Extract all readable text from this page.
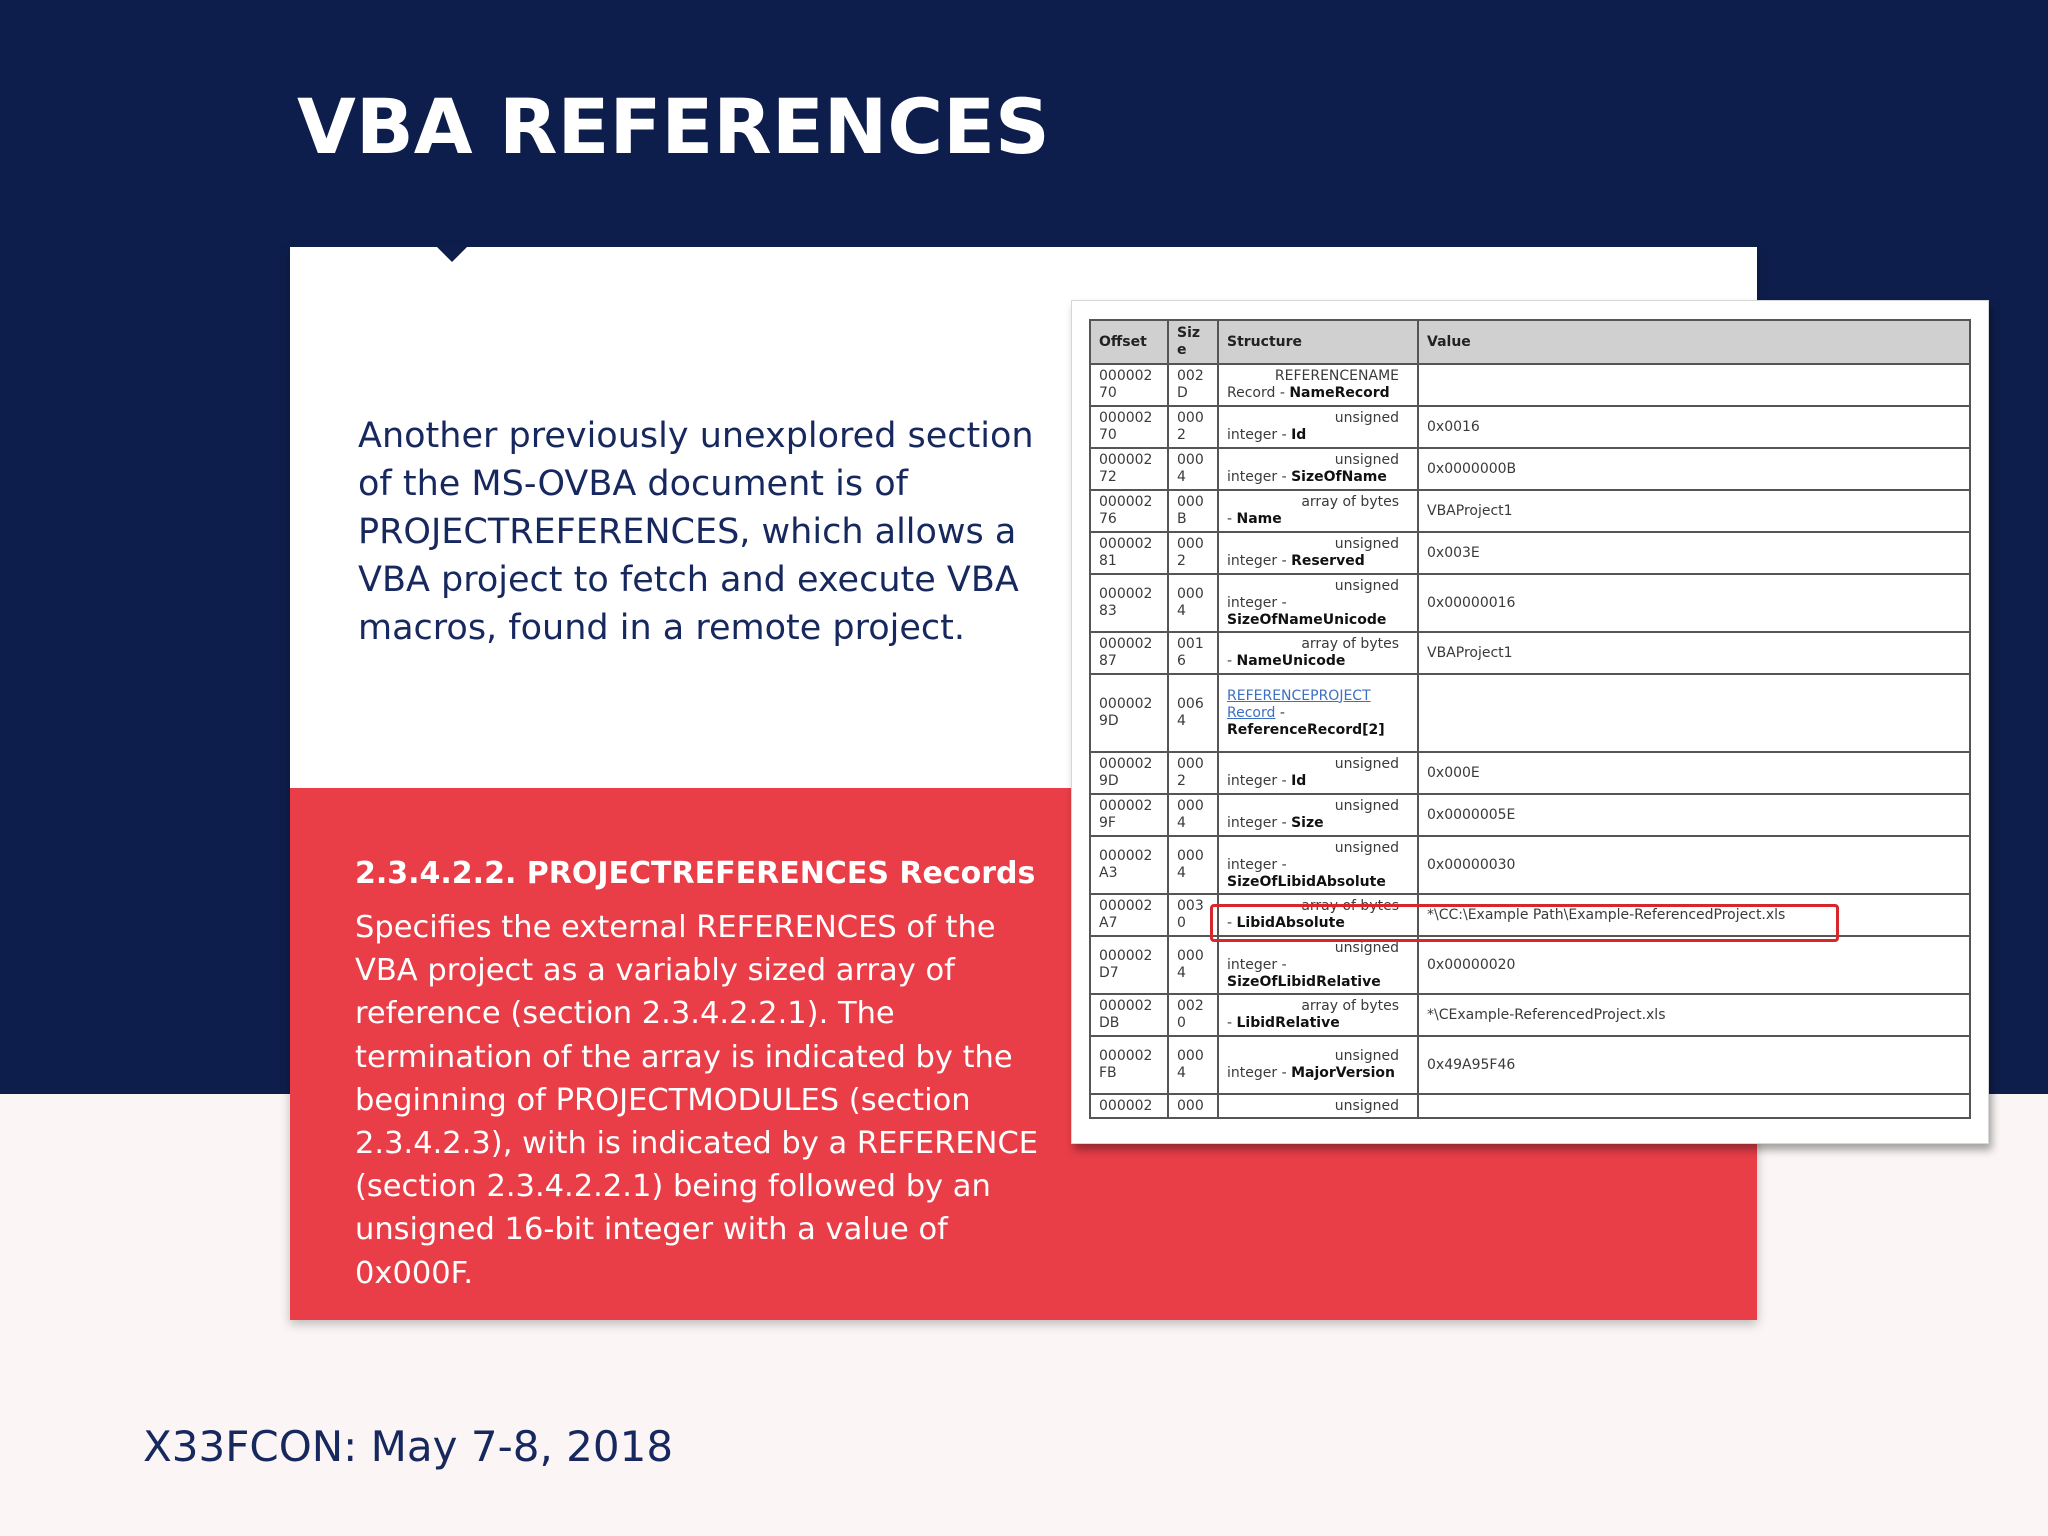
VBA REFERENCES

Another previously unexplored section of the MS-OVBA document is of PROJECTREFERENCES, which allows a VBA project to fetch and execute VBA macros, found in a remote project.

2.3.4.2.2. PROJECTREFERENCES Records

Specifies the external REFERENCES of the VBA project as a variably sized array of reference (section 2.3.4.2.2.1). The termination of the array is indicated by the beginning of PROJECTMODULES (section 2.3.4.2.3), with is indicated by a REFERENCE (section 2.3.4.2.2.1) being followed by an unsigned 16-bit integer with a value of 0x000F.

Offset	Siz e	Structure	Value
000002 70	002 D	REFERENCENAME
Record - NameRecord	
000002 70	000 2	unsigned
integer - Id	0x0016
000002 72	000 4	unsigned
integer - SizeOfName	0x0000000B
000002 76	000 B	array of bytes
- Name	VBAProject1
000002 81	000 2	unsigned
integer - Reserved	0x003E
000002 83	000 4	unsigned
integer - SizeOfNameUnicode	0x00000016
000002 87	001 6	array of bytes
- NameUnicode	VBAProject1
000002 9D	006 4	REFERENCEPROJECT Record - ReferenceRecord[2]	
000002 9D	000 2	unsigned
integer - Id	0x000E
000002 9F	000 4	unsigned
integer - Size	0x0000005E
000002 A3	000 4	unsigned
integer - SizeOfLibidAbsolute	0x00000030
000002 A7	003 0	array of bytes
- LibidAbsolute	*\CC:\Example Path\Example-ReferencedProject.xls
000002 D7	000 4	unsigned
integer - SizeOfLibidRelative	0x00000020
000002 DB	002 0	array of bytes
- LibidRelative	*\CExample-ReferencedProject.xls
000002 FB	000 4	unsigned
integer - MajorVersion	0x49A95F46
000002	000	unsigned	

X33FCON: May 7-8, 2018
